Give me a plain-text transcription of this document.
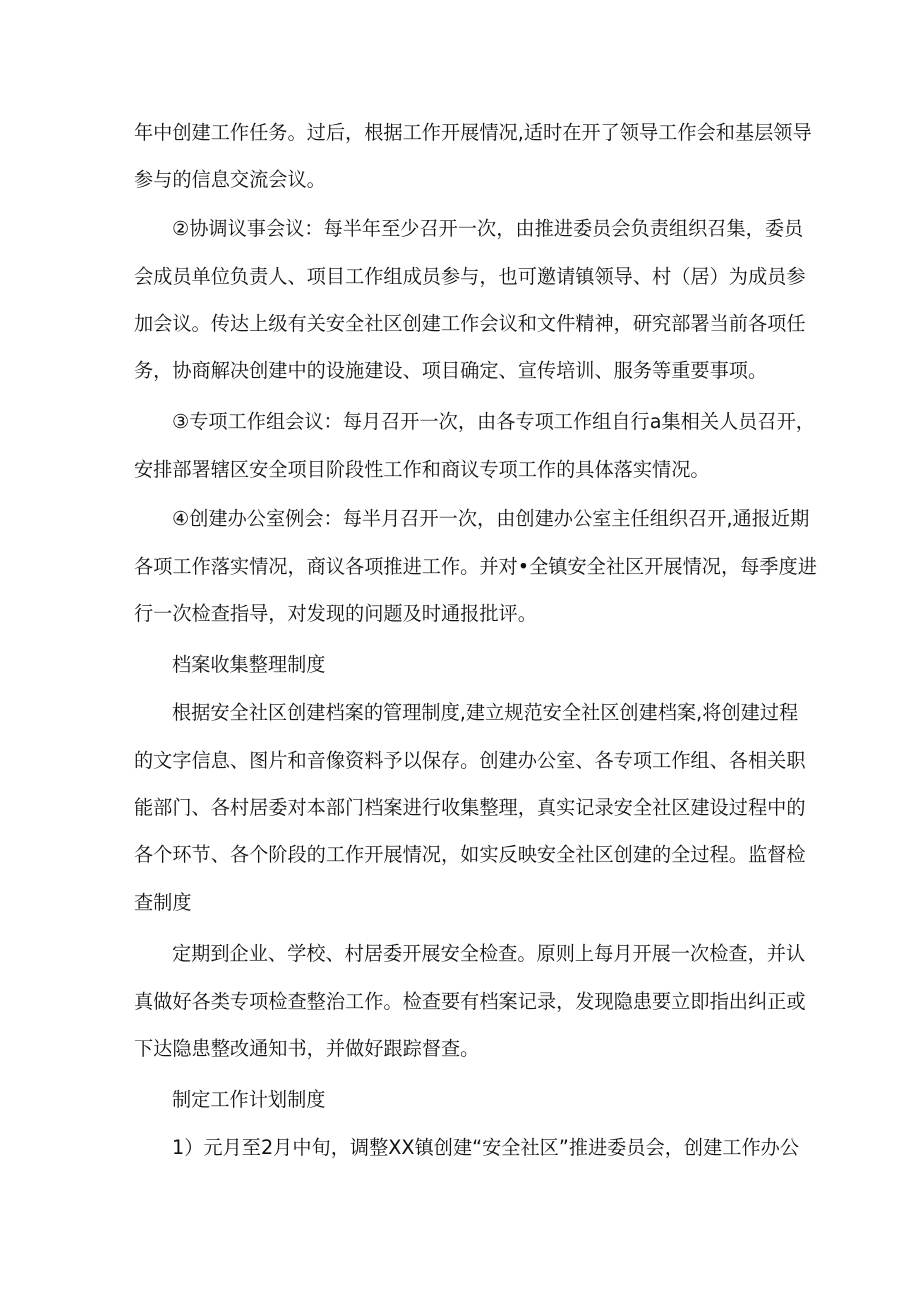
年中创建工作任务。过后，根据工作开展情况,适时在开了领导工作会和基层领导
参与的信息交流会议。
②协调议事会议：每半年至少召开一次，由推进委员会负责组织召集，委员
会成员单位负责人、项目工作组成员参与，也可邀请镇领导、村（居）为成员参
加会议。传达上级有关安全社区创建工作会议和文件精神，研究部署当前各项任
务，协商解决创建中的设施建设、项目确定、宣传培训、服务等重要事项。
③专项工作组会议：每月召开一次，由各专项工作组自行a集相关人员召开，
安排部署辖区安全项目阶段性工作和商议专项工作的具体落实情况。
④创建办公室例会：每半月召开一次，由创建办公室主任组织召开,通报近期
各项工作落实情况，商议各项推进工作。并对•全镇安全社区开展情况，每季度进
行一次检查指导，对发现的问题及时通报批评。
档案收集整理制度
根据安全社区创建档案的管理制度,建立规范安全社区创建档案,将创建过程
的文字信息、图片和音像资料予以保存。创建办公室、各专项工作组、各相关职
能部门、各村居委对本部门档案进行收集整理，真实记录安全社区建设过程中的
各个环节、各个阶段的工作开展情况，如实反映安全社区创建的全过程。监督检
查制度
定期到企业、学校、村居委开展安全检查。原则上每月开展一次检查，并认
真做好各类专项检查整治工作。检查要有档案记录，发现隐患要立即指出纠正或
下达隐患整改通知书，并做好跟踪督查。
制定工作计划制度
1）元月至2月中旬，调整XX镇创建“安全社区”推进委员会，创建工作办公
